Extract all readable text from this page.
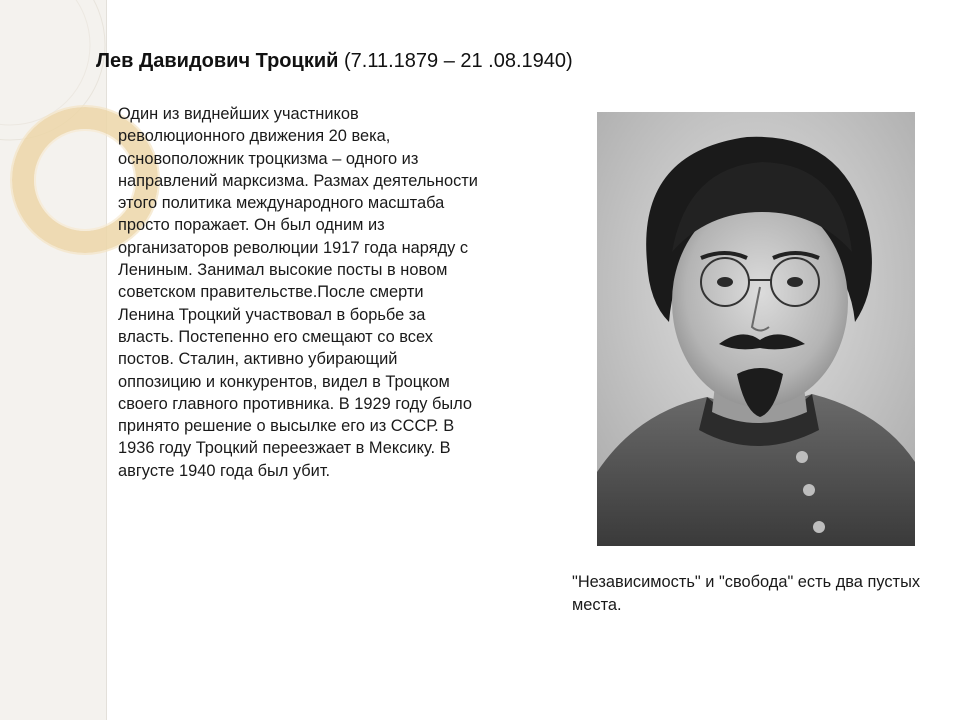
Лев Давидович Троцкий (7.11.1879 – 21 .08.1940)
Один из виднейших участников
революционного движения 20 века,
основоположник троцкизма – одного из
направлений марксизма. Размах деятельности
этого политика международного масштаба
просто поражает. Он был одним из
организаторов революции 1917 года наряду с
Лениным. Занимал высокие посты в новом
советском правительстве.После смерти
Ленина Троцкий участвовал в борьбе за
власть. Постепенно его смещают со всех
постов. Сталин, активно убирающий
оппозицию и конкурентов, видел в Троцком
своего главного противника. В 1929 году было
принято решение о высылке его из СССР. В
1936 году Троцкий переезжает в Мексику. В
августе 1940 года был убит.
"Независимость" и "свобода" есть два пустых
места.
